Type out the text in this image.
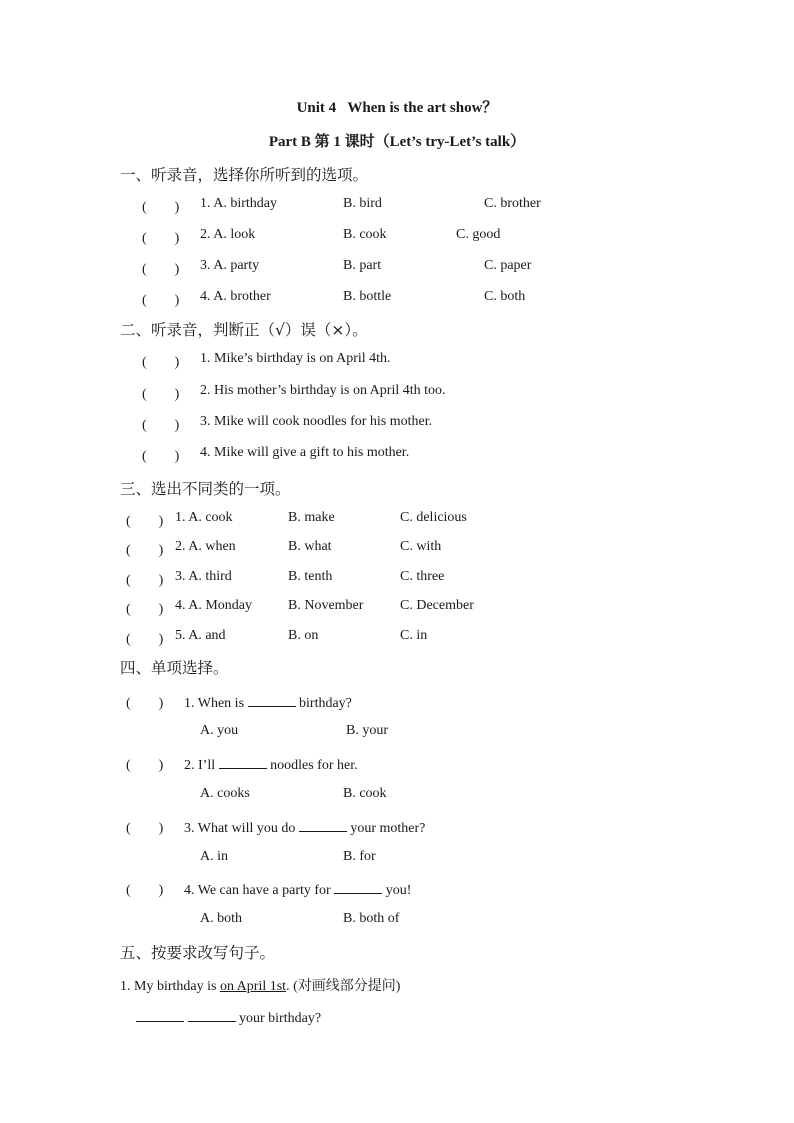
Unit 4   When is the art show？
Part B 第 1 课时（Let’s try-Let’s talk）
一、听录音，选择你所听到的选项。
(　　) 1. A. birthday	B. bird	C. brother
(　　) 2. A. look	B. cook	C. good
(　　) 3. A. party	B. part	C. paper
(　　) 4. A. brother	B. bottle	C. both
二、听录音，判断正（√）误（×）。
(　　) 1. Mike’s birthday is on April 4th.
(　　) 2. His mother’s birthday is on April 4th too.
(　　) 3. Mike will cook noodles for his mother.
(　　) 4. Mike will give a gift to his mother.
三、选出不同类的一项。
(　　) 1. A. cook	B. make	C. delicious
(　　) 2. A. when	B. what	C. with
(　　) 3. A. third	B. tenth	C. three
(　　) 4. A. Monday	B. November	C. December
(　　) 5. A. and	B. on	C. in
四、单项选择。
(　　) 1. When is	birthday?
A. you	B. your
(　　) 2. I’ll	noodles for her.
A. cooks	B. cook
(　　) 3. What will you do	your mother?
A. in	B. for
(　　) 4. We can have a party for	you!
A. both	B. both of
五、按要求改写句子。
1. My birthday is on April 1st. (对画线部分提问)
your birthday?
